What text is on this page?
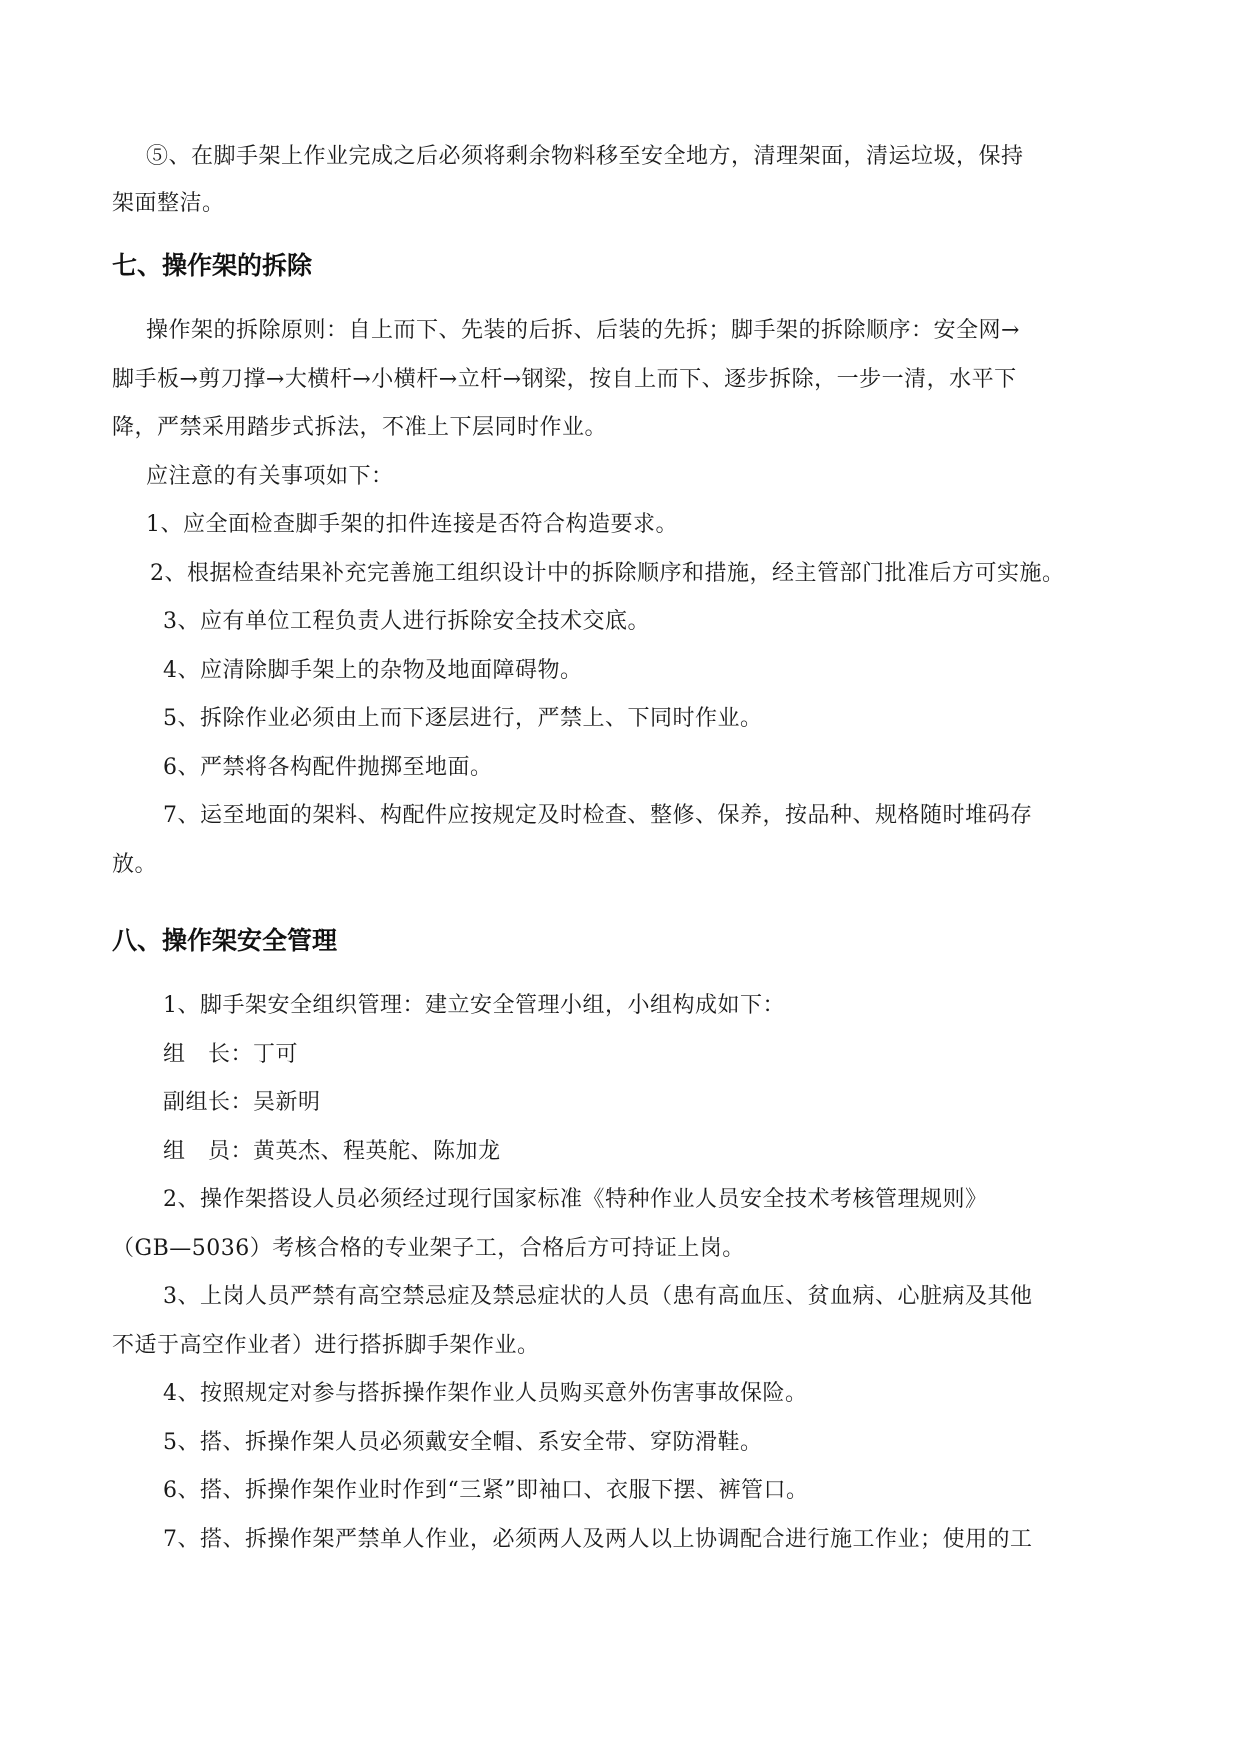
⑤、在脚手架上作业完成之后必须将剩余物料移至安全地方，清理架面，清运垃圾，保持
架面整洁。
七、操作架的拆除
操作架的拆除原则：自上而下、先装的后拆、后装的先拆；脚手架的拆除顺序：安全网→
脚手板→剪刀撑→大横杆→小横杆→立杆→钢梁，按自上而下、逐步拆除，一步一清，水平下
降，严禁采用踏步式拆法，不准上下层同时作业。
应注意的有关事项如下：
1、应全面检查脚手架的扣件连接是否符合构造要求。
2、根据检查结果补充完善施工组织设计中的拆除顺序和措施，经主管部门批准后方可实施。
3、应有单位工程负责人进行拆除安全技术交底。
4、应清除脚手架上的杂物及地面障碍物。
5、拆除作业必须由上而下逐层进行，严禁上、下同时作业。
6、严禁将各构配件抛掷至地面。
7、运至地面的架料、构配件应按规定及时检查、整修、保养，按品种、规格随时堆码存
放。
八、操作架安全管理
1、脚手架安全组织管理：建立安全管理小组，小组构成如下：
组　长：丁可
副组长：吴新明
组　员：黄英杰、程英舵、陈加龙
2、操作架搭设人员必须经过现行国家标准《特种作业人员安全技术考核管理规则》
（GB—5036）考核合格的专业架子工，合格后方可持证上岗。
3、上岗人员严禁有高空禁忌症及禁忌症状的人员（患有高血压、贫血病、心脏病及其他
不适于高空作业者）进行搭拆脚手架作业。
4、按照规定对参与搭拆操作架作业人员购买意外伤害事故保险。
5、搭、拆操作架人员必须戴安全帽、系安全带、穿防滑鞋。
6、搭、拆操作架作业时作到“三紧”即袖口、衣服下摆、裤管口。
7、搭、拆操作架严禁单人作业，必须两人及两人以上协调配合进行施工作业；使用的工
